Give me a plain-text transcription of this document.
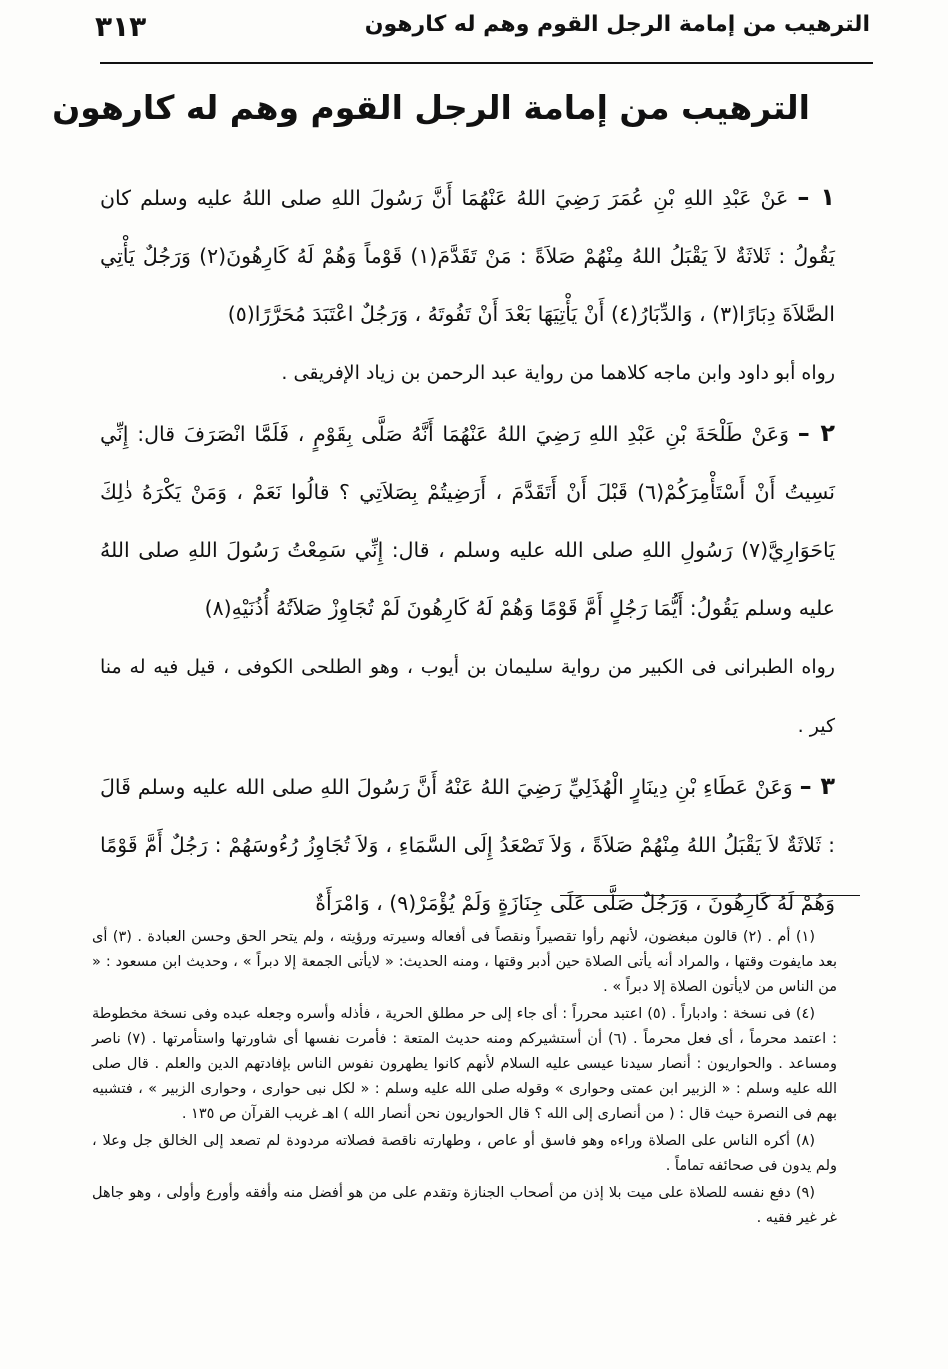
الترهيب من إمامة الرجل القوم وهم له كارهون
٣١٣
الترهيب من إمامة الرجل القوم وهم له كارهون

١ – عَنْ عَبْدِ اللهِ بْنِ عُمَرَ رَضِيَ اللهُ عَنْهُمَا أَنَّ رَسُولَ اللهِ صلى اللهُ عليه وسلم كان يَقُولُ : ثَلاثَةٌ لاَ يَقْبَلُ اللهُ مِنْهُمْ صَلاَةً : مَنْ تَقَدَّمَ(١) قَوْماً وَهُمْ لَهُ كَارِهُونَ(٢) وَرَجُلٌ يَأْتِي الصَّلاَةَ دِبَارًا(٣) ، وَالدِّبَارُ(٤) أَنْ يَأْتِيَهَا بَعْدَ أَنْ تَفُوتَهُ ، وَرَجُلٌ اعْتَبَدَ مُحَرَّرًا(٥)
رواه أبو داود وابن ماجه كلاهما من رواية عبد الرحمن بن زياد الإفريقى .

٢ – وَعَنْ طَلْحَةَ بْنِ عَبْدِ اللهِ رَضِيَ اللهُ عَنْهُمَا أَنَّهُ صَلَّى بِقَوْمٍ ، فَلَمَّا انْصَرَفَ قال: إِنِّي نَسِيتُ أَنْ أَسْتَأْمِرَكُمْ(٦) قَبْلَ أَنْ أَتَقَدَّمَ ، أَرَضِيتُمْ بِصَلاَتِي ؟ قالُوا نَعَمْ ، وَمَنْ يَكْرَهُ ذٰلِكَ يَاحَوَارِيَّ(٧) رَسُولِ اللهِ صلى الله عليه وسلم ، قال: إِنِّي سَمِعْتُ رَسُولَ اللهِ صلى اللهُ عليه وسلم يَقُولُ: أَيُّمَا رَجُلٍ أَمَّ قَوْمًا وَهُمْ لَهُ كَارِهُونَ لَمْ تُجَاوِزْ صَلاَتُهُ أُذُنَيْهِ(٨)
رواه الطبرانى فى الكبير من رواية سليمان بن أيوب ، وهو الطلحى الكوفى ، قيل فيه له منا كير .

٣ – وَعَنْ عَطَاءِ بْنِ دِينَارٍ الْهُذَلِيِّ رَضِيَ اللهُ عَنْهُ أَنَّ رَسُولَ اللهِ صلى الله عليه وسلم قَالَ : ثَلاثَةٌ لاَ يَقْبَلُ اللهُ مِنْهُمْ صَلاَةً ، وَلاَ تَصْعَدُ إِلَى السَّمَاءِ ، وَلاَ تُجَاوِزُ رُءُوسَهُمْ : رَجُلٌ أَمَّ قَوْمًا وَهُمْ لَهُ كَارِهُونَ ، وَرَجُلٌ صَلَّى عَلَى جِنَازَةٍ وَلَمْ يُؤْمَرْ(٩) ، وَامْرَأَةٌ

(١) أم . (٢) قالون مبغضون، لأنهم رأوا تقصيراً ونقصاً فى أفعاله وسيرته ورؤيته ، ولم يتحر الحق وحسن العبادة . (٣) أى بعد مايفوت وقتها ، والمراد أنه يأتى الصلاة حين أدبر وقتها ، ومنه الحديث: « لايأتى الجمعة إلا دبراً » ، وحديث ابن مسعود : « من الناس من لايأتون الصلاة إلا دبراً » .

(٤) فى نسخة : وادباراً . (٥) اعتبد محرراً : أى جاء إلى حر مطلق الحرية ، فأذله وأسره وجعله عبده وفى نسخة مخطوطة : اعتمد محرماً ، أى فعل محرماً . (٦) أن أستشيركم ومنه حديث المتعة : فأمرت نفسها أى شاورتها واستأمرتها . (٧) ناصر ومساعد . والحواريون : أنصار سيدنا عيسى عليه السلام لأنهم كانوا يطهرون نفوس الناس بإفادتهم الدين والعلم . قال صلى الله عليه وسلم : « الزبير ابن عمتى وحوارى » وقوله صلى الله عليه وسلم : « لكل نبى حوارى ، وحوارى الزبير » ، فتشبيه بهم فى النصرة حيث قال : ( من أنصارى إلى الله ؟ قال الحواريون نحن أنصار الله ) اهـ غريب القرآن ص ١٣٥ .

(٨) أكره الناس على الصلاة وراءه وهو فاسق أو عاص ، وطهارته ناقصة فصلاته مردودة لم تصعد إلى الخالق جل وعلا ، ولم يدون فى صحائفه تماماً .

(٩) دفع نفسه للصلاة على ميت بلا إذن من أصحاب الجنازة وتقدم على من هو أفضل منه وأفقه وأورع وأولى ، وهو جاهل غر غير فقيه .
